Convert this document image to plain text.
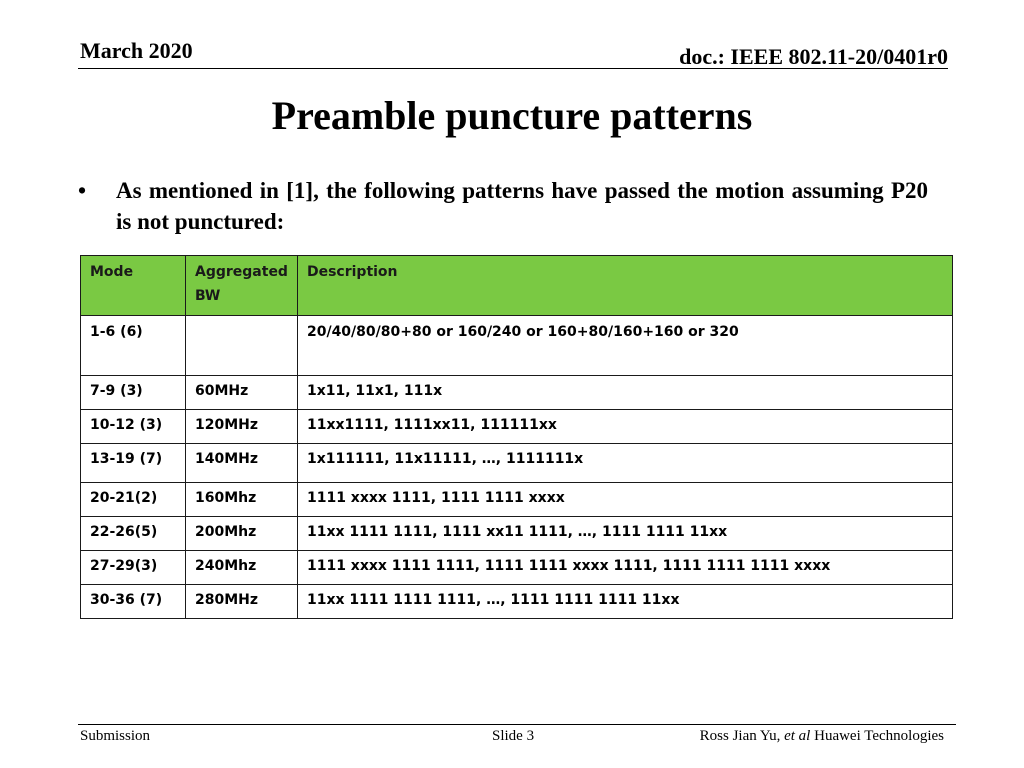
March 2020	doc.: IEEE 802.11-20/0401r0
Preamble puncture patterns
•	As mentioned in [1], the following patterns have passed the motion assuming P20 is not punctured:
Mode	Aggregated BW	Description
1-6 (6)		20/40/80/80+80 or 160/240 or 160+80/160+160 or 320
7-9 (3)	60MHz	1x11, 11x1, 111x
10-12 (3)	120MHz	11xx1111, 1111xx11, 111111xx
13-19 (7)	140MHz	1x111111, 11x11111, …, 1111111x
20-21(2)	160Mhz	1111 xxxx 1111, 1111 1111 xxxx
22-26(5)	200Mhz	11xx 1111 1111, 1111 xx11 1111, …, 1111 1111 11xx
27-29(3)	240Mhz	1111 xxxx 1111 1111, 1111 1111 xxxx 1111, 1111 1111 1111 xxxx
30-36 (7)	280MHz	11xx 1111 1111 1111, …, 1111 1111 1111 11xx
Submission	Slide 3	Ross Jian Yu, et al Huawei Technologies
